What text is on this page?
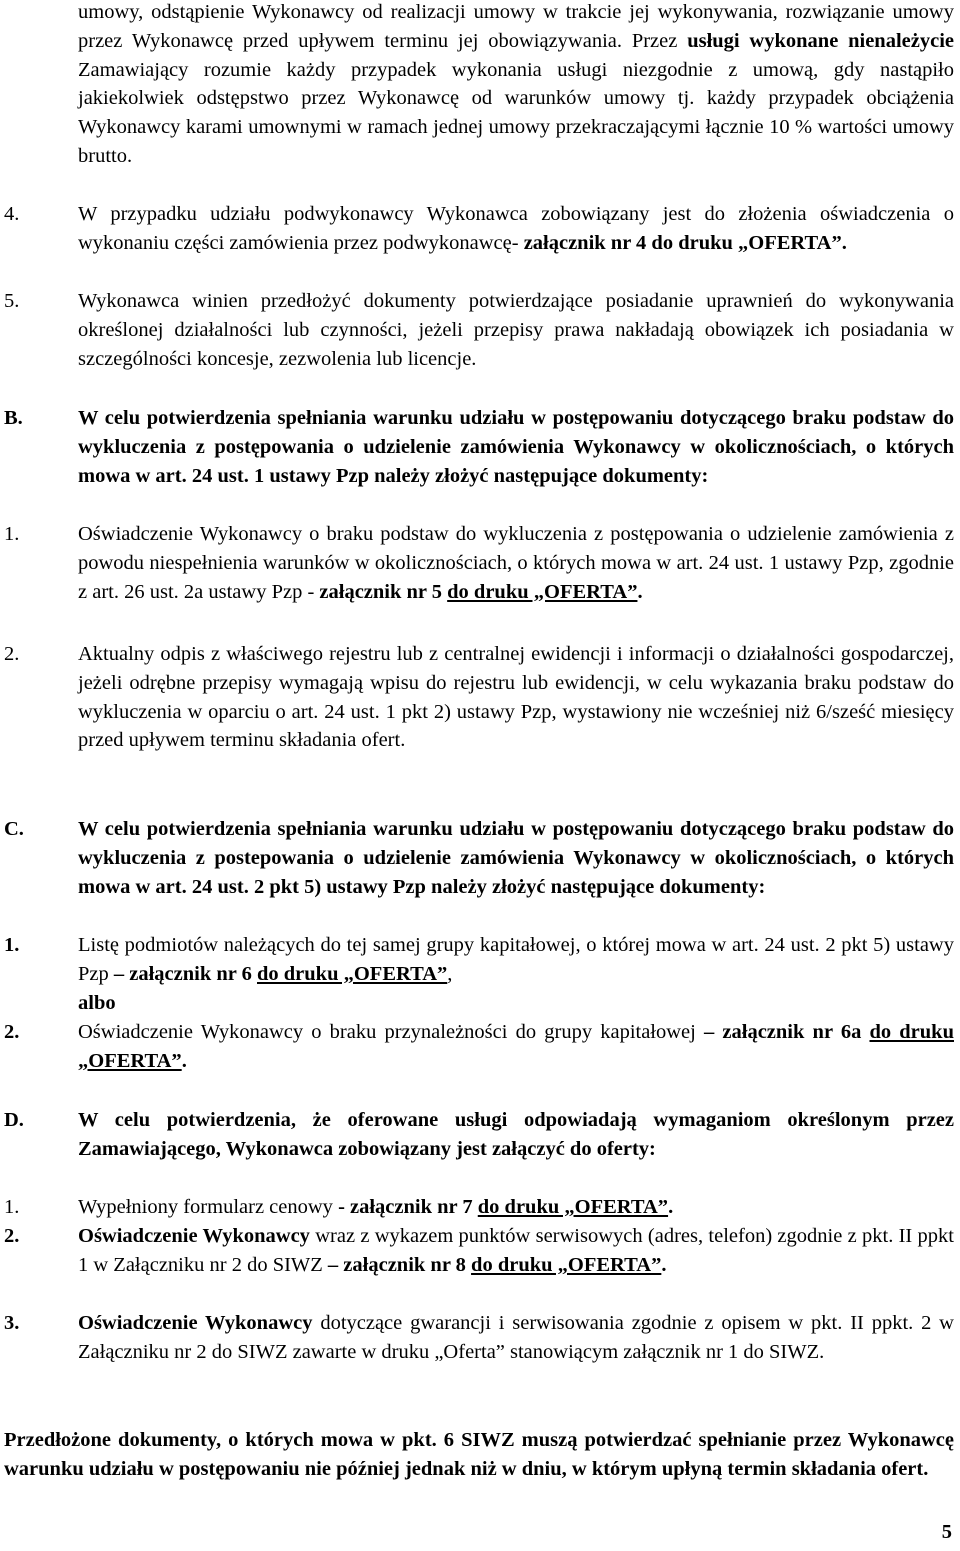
umowy, odstąpienie Wykonawcy od realizacji umowy w trakcie jej wykonywania, rozwiązanie umowy przez Wykonawcę przed upływem terminu jej obowiązywania. Przez usługi wykonane nienależycie Zamawiający rozumie każdy przypadek wykonania usługi niezgodnie z umową, gdy nastąpiło jakiekolwiek odstępstwo przez Wykonawcę od warunków umowy tj. każdy przypadek obciążenia Wykonawcy karami umownymi w ramach jednej umowy przekraczającymi łącznie 10 % wartości umowy brutto.
4.	W przypadku udziału podwykonawcy Wykonawca zobowiązany jest do złożenia oświadczenia o wykonaniu części zamówienia przez podwykonawcę- załącznik nr 4 do druku „OFERTA”.
5.	Wykonawca winien przedłożyć dokumenty potwierdzające posiadanie uprawnień do wykonywania określonej działalności lub czynności, jeżeli przepisy prawa nakładają obowiązek ich posiadania w szczególności koncesje, zezwolenia lub licencje.
B.	W celu potwierdzenia spełniania warunku udziału w postępowaniu dotyczącego braku podstaw do wykluczenia z postępowania o udzielenie zamówienia Wykonawcy w okolicznościach, o których mowa w art. 24 ust. 1 ustawy Pzp należy złożyć następujące dokumenty:
1.	Oświadczenie Wykonawcy o braku podstaw do wykluczenia z postępowania o udzielenie zamówienia z powodu niespełnienia warunków w okolicznościach, o których mowa w art. 24 ust. 1 ustawy Pzp, zgodnie z art. 26 ust. 2a ustawy Pzp - załącznik nr 5 do druku „OFERTA”.
2.	Aktualny odpis z właściwego rejestru lub z centralnej ewidencji i informacji o działalności gospodarczej, jeżeli odrębne przepisy wymagają wpisu do rejestru lub ewidencji, w celu wykazania braku podstaw do wykluczenia w oparciu o art. 24 ust. 1 pkt 2) ustawy Pzp, wystawiony nie wcześniej niż 6/sześć miesięcy przed upływem terminu składania ofert.
C.	W celu potwierdzenia spełniania warunku udziału w postępowaniu dotyczącego braku podstaw do wykluczenia z postepowania o udzielenie zamówienia Wykonawcy w okolicznościach, o których mowa w art. 24 ust. 2 pkt 5) ustawy Pzp należy złożyć następujące dokumenty:
1.	Listę podmiotów należących do tej samej grupy kapitałowej, o której mowa w art. 24 ust. 2 pkt 5) ustawy Pzp – załącznik nr 6 do druku „OFERTA”,
albo
2.	Oświadczenie Wykonawcy o braku przynależności do grupy kapitałowej – załącznik nr 6a do druku „OFERTA”.
D.	W celu potwierdzenia, że oferowane usługi odpowiadają wymaganiom określonym przez Zamawiającego, Wykonawca zobowiązany jest załączyć do oferty:
1.	Wypełniony formularz cenowy - załącznik nr 7 do druku „OFERTA”.
2.	Oświadczenie Wykonawcy wraz z wykazem punktów serwisowych (adres, telefon) zgodnie z pkt. II ppkt 1 w Załączniku nr 2 do SIWZ – załącznik nr 8 do druku „OFERTA”.
3.	Oświadczenie Wykonawcy dotyczące gwarancji i serwisowania zgodnie z opisem w pkt. II ppkt. 2 w Załączniku nr 2 do SIWZ zawarte w druku „Oferta” stanowiącym załącznik nr 1 do SIWZ.
Przedłożone dokumenty, o których mowa w pkt. 6 SIWZ muszą potwierdzać spełnianie przez Wykonawcę warunku udziału w postępowaniu nie później jednak niż w dniu, w którym upłyną termin składania ofert.
5
